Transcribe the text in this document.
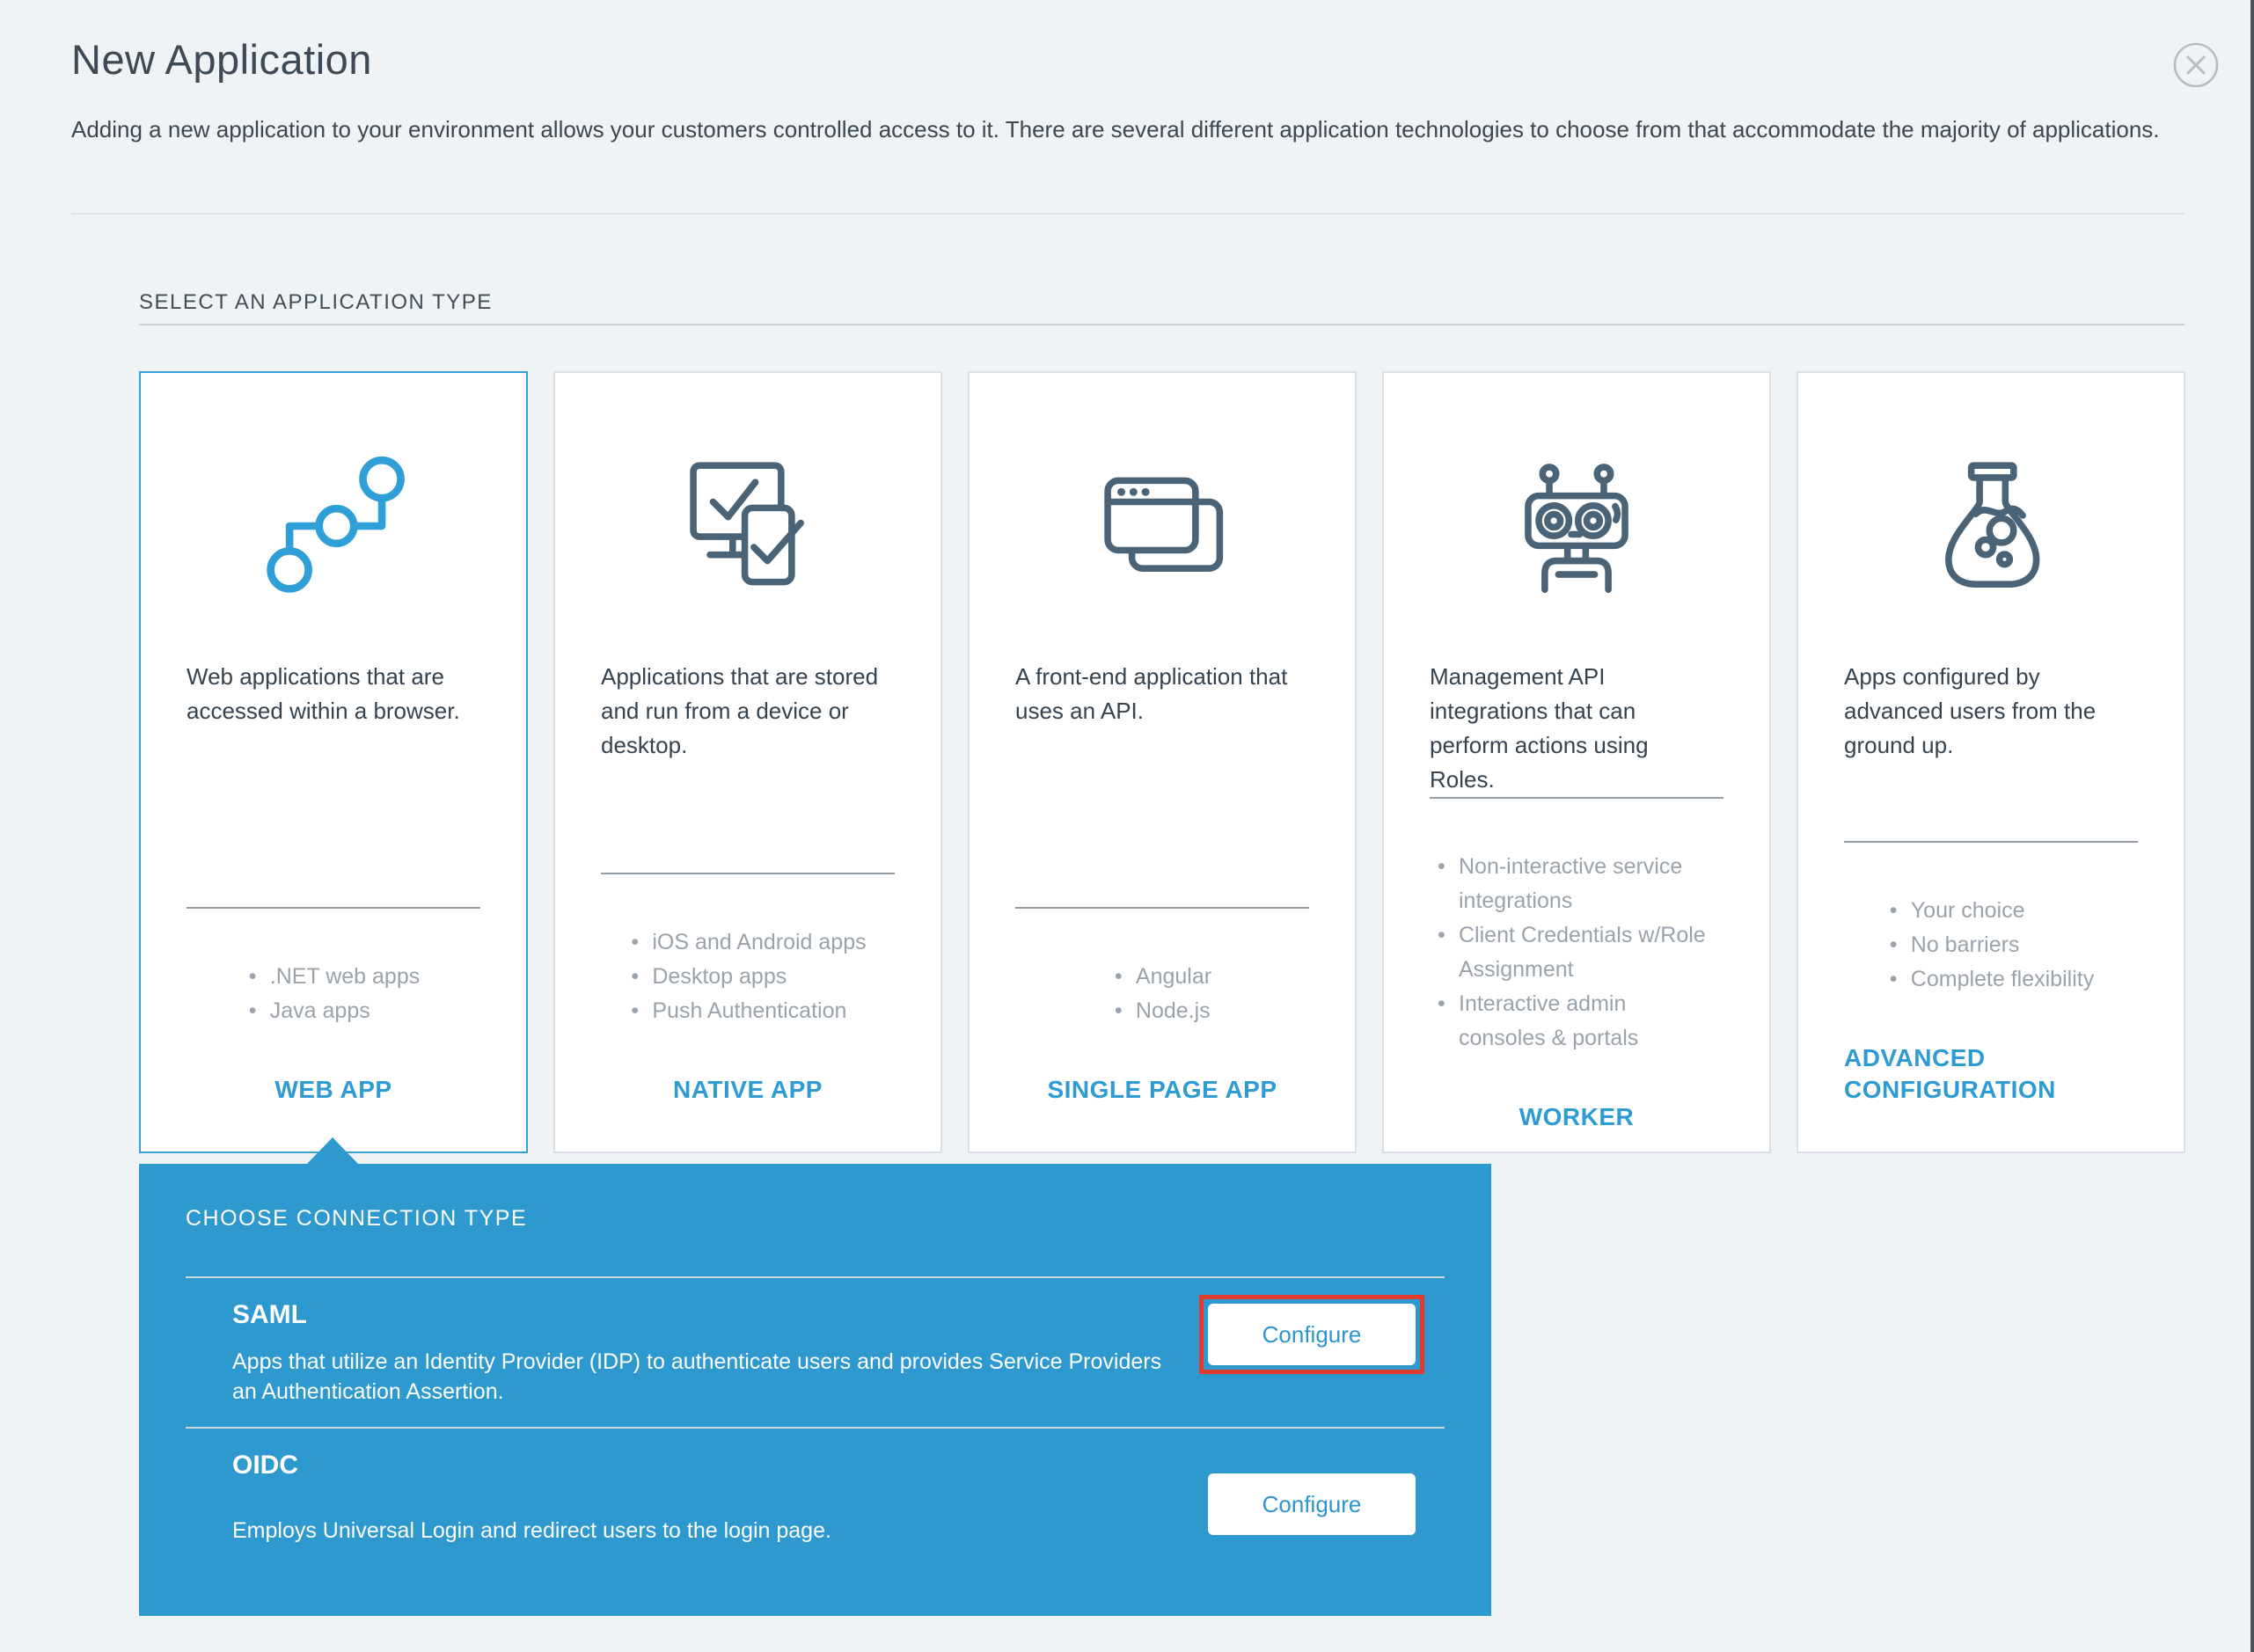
New Application

Adding a new application to your environment allows your customers controlled access to it. There are several different application technologies to choose from that accommodate the majority of applications.

SELECT AN APPLICATION TYPE

Web applications that are accessed within a browser.

• .NET web apps
• Java apps
WEB APP

Applications that are stored and run from a device or desktop.

• iOS and Android apps
• Desktop apps
• Push Authentication
NATIVE APP

A front-end application that uses an API.

• Angular
• Node.js
SINGLE PAGE APP

Management API integrations that can perform actions using Roles.

• Non-interactive service integrations
• Client Credentials w/Role Assignment
• Interactive admin consoles & portals
WORKER

Apps configured by advanced users from the ground up.

• Your choice
• No barriers
• Complete flexibility
ADVANCED CONFIGURATION
CHOOSE CONNECTION TYPE
SAML

Apps that utilize an Identity Provider (IDP) to authenticate users and provides Service Providers an Authentication Assertion.

Configure
OIDC

Employs Universal Login and redirect users to the login page.

Configure
